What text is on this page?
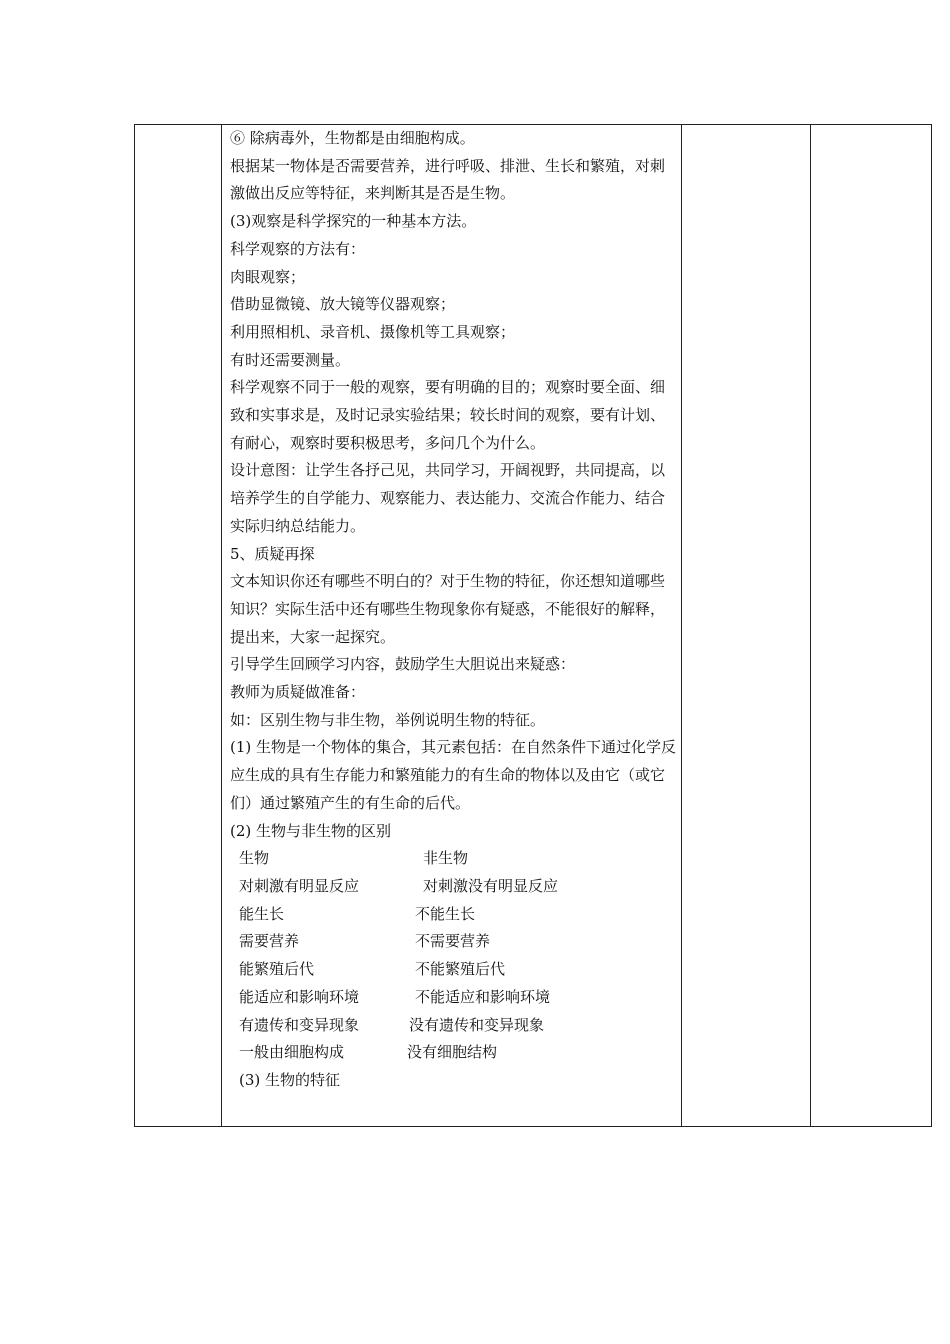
⑥ 除病毒外，生物都是由细胞构成。

根据某一物体是否需要营养，进行呼吸、排泄、生长和繁殖，对刺激做出反应等特征，来判断其是否是生物。

(3)观察是科学探究的一种基本方法。

科学观察的方法有：

肉眼观察；

借助显微镜、放大镜等仪器观察；

利用照相机、录音机、摄像机等工具观察；

有时还需要测量。

科学观察不同于一般的观察，要有明确的目的；观察时要全面、细致和实事求是，及时记录实验结果；较长时间的观察，要有计划、有耐心，观察时要积极思考，多问几个为什么。

设计意图：让学生各抒己见，共同学习，开阔视野，共同提高，以培养学生的自学能力、观察能力、表达能力、交流合作能力、结合实际归纳总结能力。

5、质疑再探

文本知识你还有哪些不明白的？对于生物的特征，你还想知道哪些知识？实际生活中还有哪些生物现象你有疑惑，不能很好的解释，提出来，大家一起探究。

引导学生回顾学习内容，鼓励学生大胆说出来疑惑：

教师为质疑做准备：

如：区别生物与非生物，举例说明生物的特征。

(1) 生物是一个物体的集合，其元素包括：在自然条件下通过化学反应生成的具有生存能力和繁殖能力的有生命的物体以及由它（或它们）通过繁殖产生的有生命的后代。

(2) 生物与非生物的区别

生物	非生物
对刺激有明显反应	对刺激没有明显反应
能生长	不能生长
需要营养	不需要营养
能繁殖后代	不能繁殖后代
能适应和影响环境	不能适应和影响环境
有遗传和变异现象	没有遗传和变异现象
一般由细胞构成	没有细胞结构

(3) 生物的特征
